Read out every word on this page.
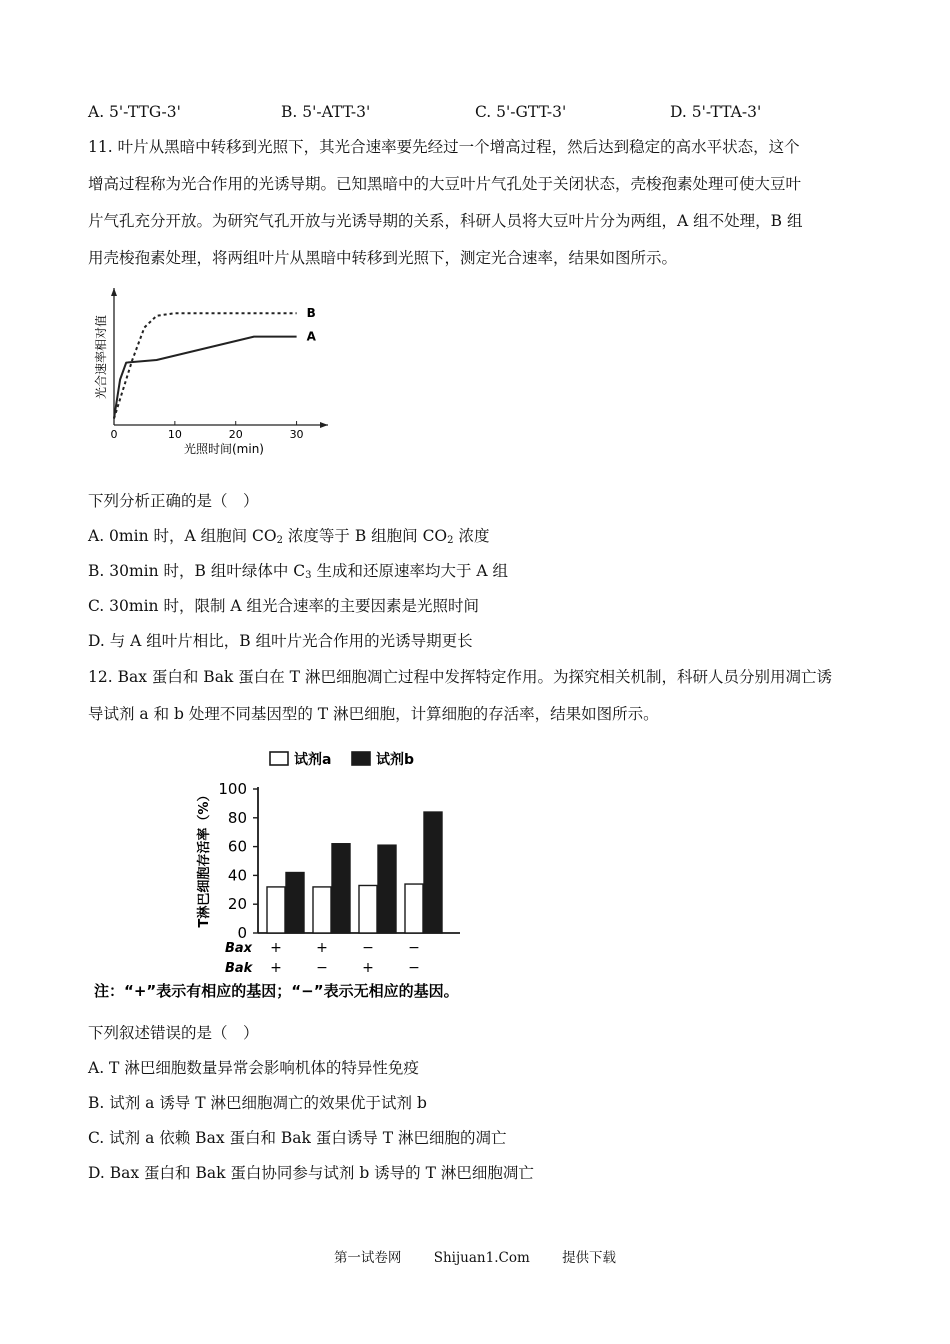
A. 5'-TTG-3'	B. 5'-ATT-3'	C. 5'-GTT-3'	D. 5'-TTA-3'
11. 叶片从黑暗中转移到光照下，其光合速率要先经过一个增高过程，然后达到稳定的高水平状态，这个
增高过程称为光合作用的光诱导期。已知黑暗中的大豆叶片气孔处于关闭状态，壳梭孢素处理可使大豆叶
片气孔充分开放。为研究气孔开放与光诱导期的关系，科研人员将大豆叶片分为两组，A 组不处理，B 组
用壳梭孢素处理，将两组叶片从黑暗中转移到光照下，测定光合速率，结果如图所示。
0	10	20	30
光照时间(min)
光合速率相对值
B
A
下列分析正确的是（　）
A. 0min 时，A 组胞间 $CO_2$ 浓度等于 B 组胞间 $CO_2$ 浓度
B. 30min 时，B 组叶绿体中 $C_3$ 生成和还原速率均大于 A 组
C. 30min 时，限制 A 组光合速率的主要因素是光照时间
D. 与 A 组叶片相比，B 组叶片光合作用的光诱导期更长
12. Bax 蛋白和 Bak 蛋白在 T 淋巴细胞凋亡过程中发挥特定作用。为探究相关机制，科研人员分别用凋亡诱
导试剂 a 和 b 处理不同基因型的 T 淋巴细胞，计算细胞的存活率，结果如图所示。
试剂a	试剂b
100
80
60
40
20
0
T淋巴细胞存活率（%）
Bax + + − −
Bak + − + −
注：“+”表示有相应的基因；“−”表示无相应的基因。
下列叙述错误的是（　）
A. T 淋巴细胞数量异常会影响机体的特异性免疫
B. 试剂 a 诱导 T 淋巴细胞凋亡的效果优于试剂 b
C. 试剂 a 依赖 Bax 蛋白和 Bak 蛋白诱导 T 淋巴细胞的凋亡
D. Bax 蛋白和 Bak 蛋白协同参与试剂 b 诱导的 T 淋巴细胞凋亡
第一试卷网 Shijuan1.Com 提供下载
